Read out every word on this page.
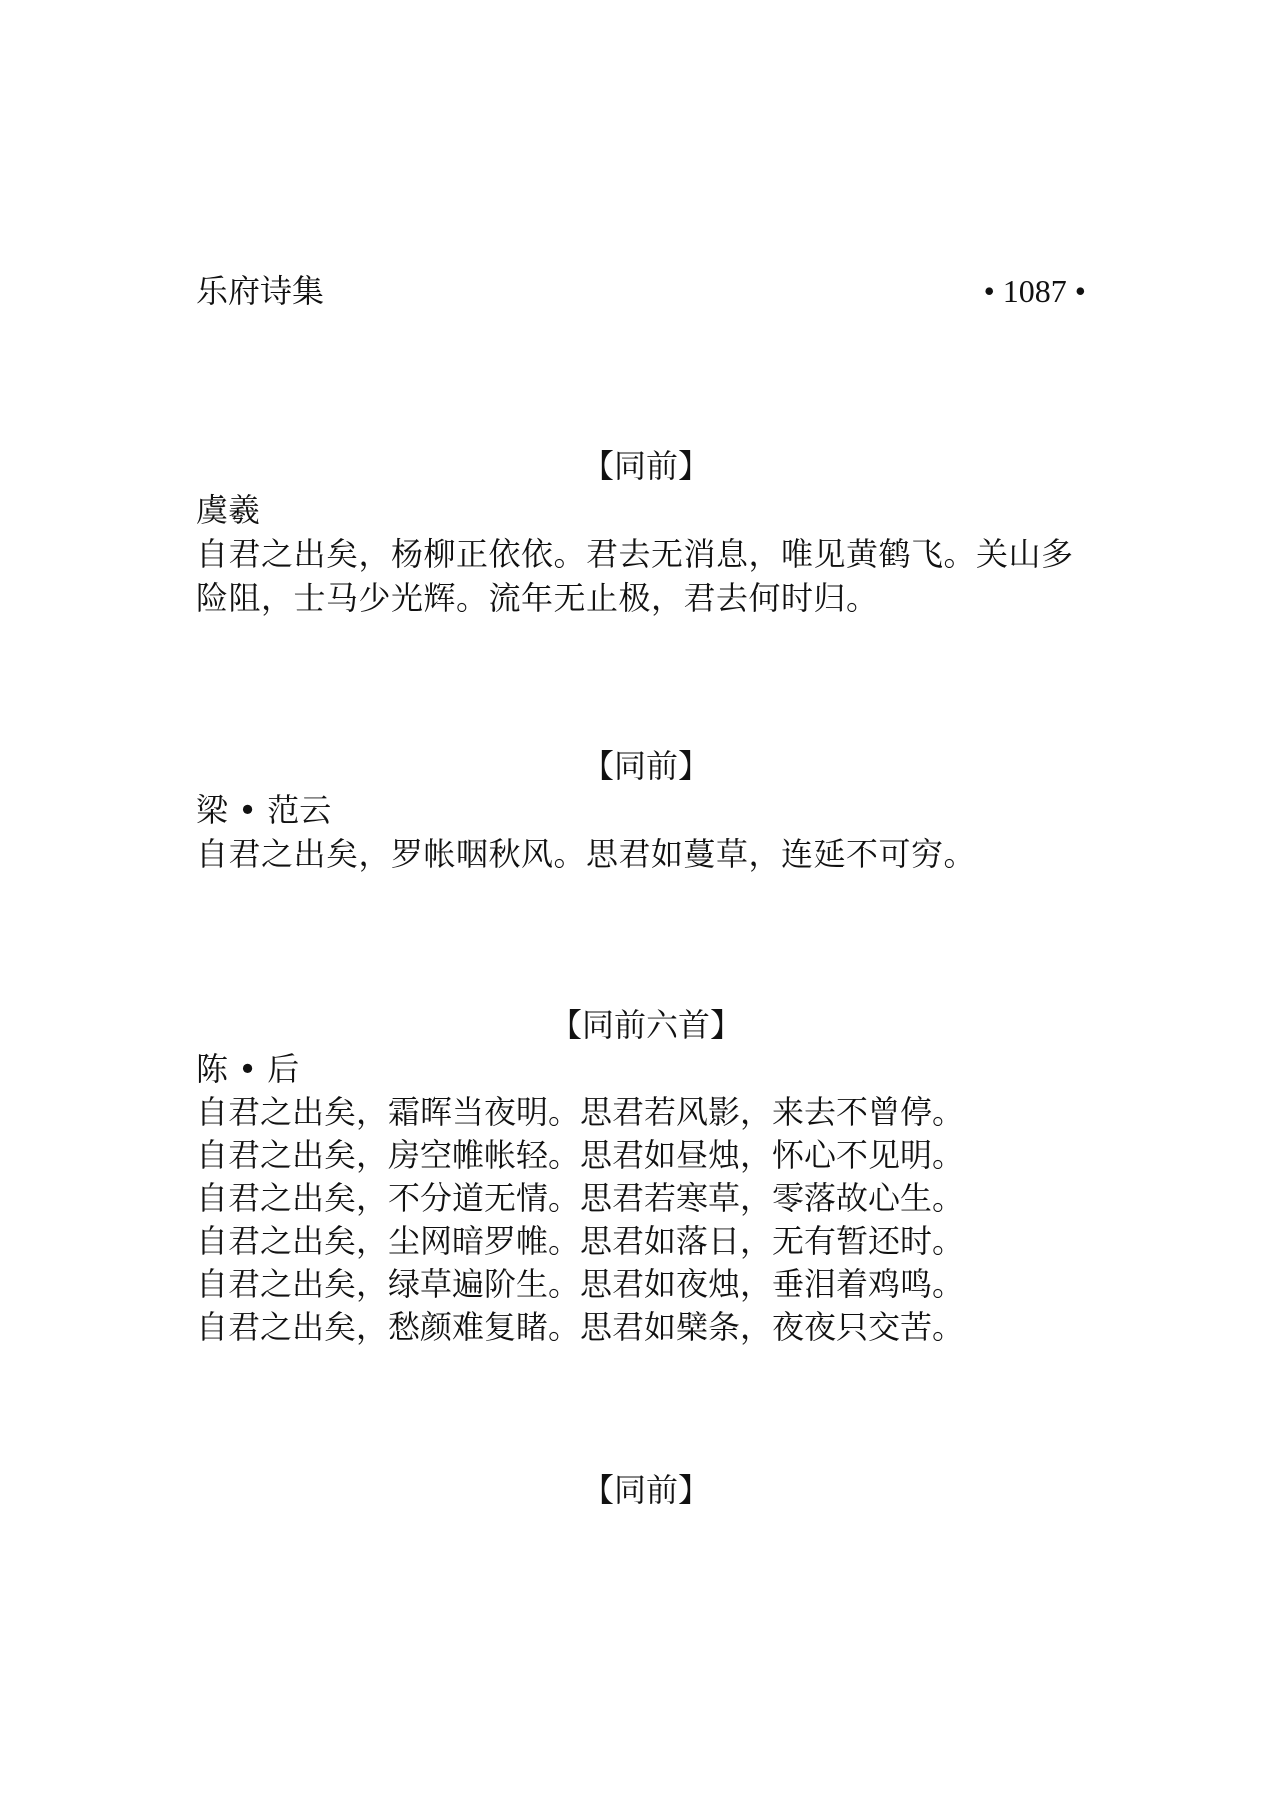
乐府诗集	• 1087 •
【同前】
虞羲
自君之出矣，杨柳正依依。君去无消息，唯见黄鹤飞。关山多险阻，士马少光辉。流年无止极，君去何时归。
【同前】
梁 • 范云
自君之出矣，罗帐咽秋风。思君如蔓草，连延不可穷。
【同前六首】
陈 • 后
自君之出矣，霜晖当夜明。思君若风影，来去不曾停。
自君之出矣，房空帷帐轻。思君如昼烛，怀心不见明。
自君之出矣，不分道无情。思君若寒草，零落故心生。
自君之出矣，尘网暗罗帷。思君如落日，无有暂还时。
自君之出矣，绿草遍阶生。思君如夜烛，垂泪着鸡鸣。
自君之出矣，愁颜难复睹。思君如檗条，夜夜只交苦。
【同前】
